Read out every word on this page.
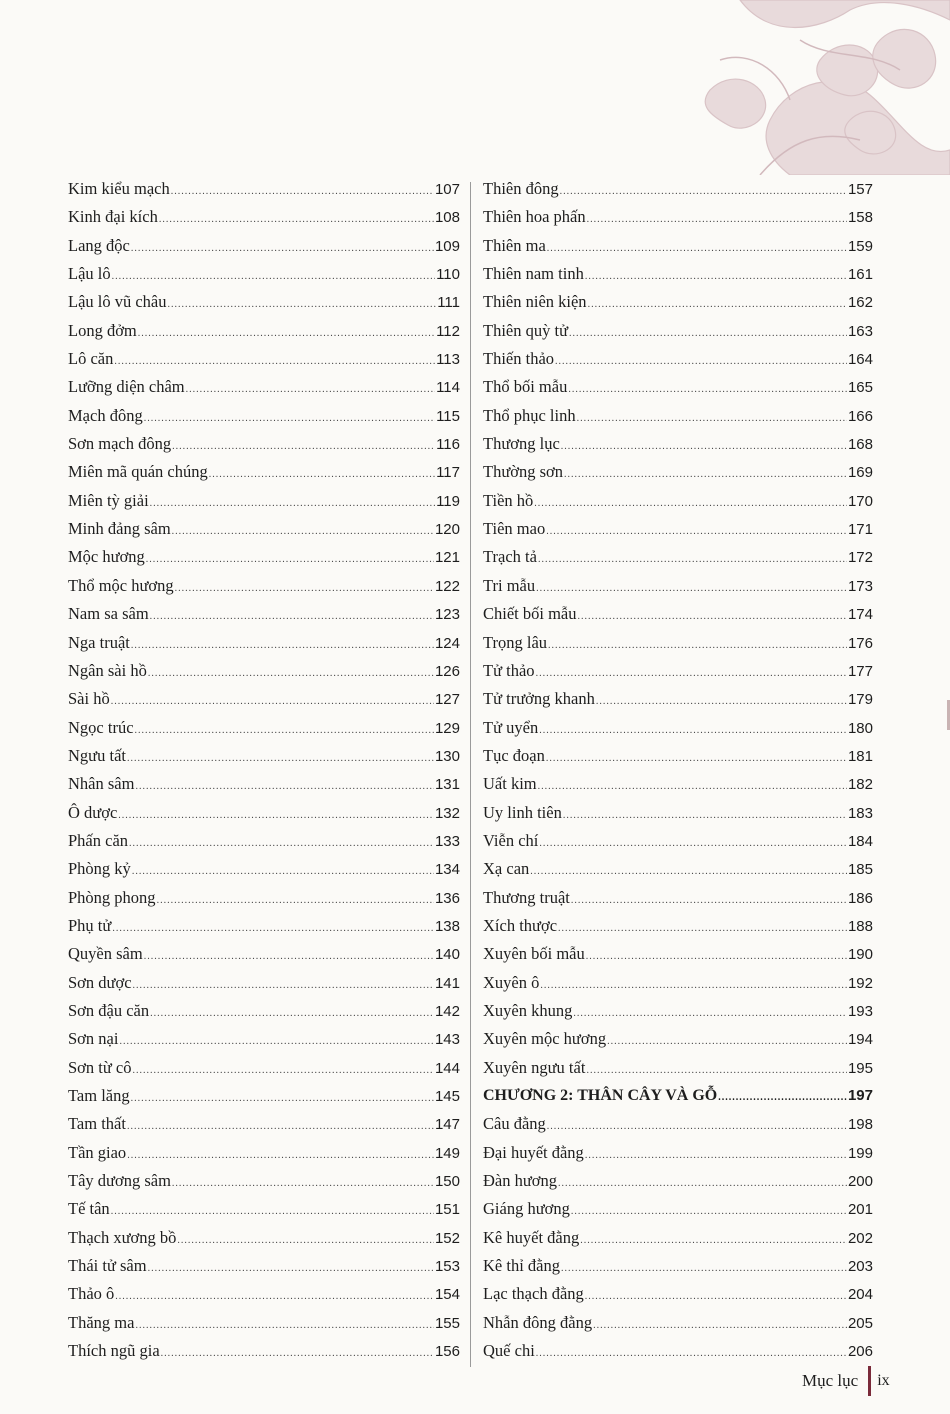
Kim kiểu mạch .....	107
Kinh đại kích .....	108
Lang độc .....	109
Lậu lô .....	110
Lậu lô vũ châu .....	111
Long đởm .....	112
Lô căn .....	113
Lưỡng diện châm .....	114
Mạch đông .....	115
Sơn mạch đông .....	116
Miên mã quán chúng .....	117
Miên tỳ giải .....	119
Minh đảng sâm .....	120
Mộc hương .....	121
Thổ mộc hương .....	122
Nam sa sâm .....	123
Nga truật .....	124
Ngân sài hồ .....	126
Sài hồ .....	127
Ngọc trúc .....	129
Ngưu tất .....	130
Nhân sâm .....	131
Ô dược .....	132
Phấn căn .....	133
Phòng kỷ .....	134
Phòng phong .....	136
Phụ tử .....	138
Quyền sâm .....	140
Sơn dược .....	141
Sơn đậu căn .....	142
Sơn nại .....	143
Sơn từ cô .....	144
Tam lăng .....	145
Tam thất .....	147
Tần giao .....	149
Tây dương sâm .....	150
Tế tân .....	151
Thạch xương bồ .....	152
Thái tử sâm .....	153
Thảo ô .....	154
Thăng ma .....	155
Thích ngũ gia .....	156
Thiên đông .....	157
Thiên hoa phấn .....	158
Thiên ma .....	159
Thiên nam tinh .....	161
Thiên niên kiện .....	162
Thiên quỳ tử .....	163
Thiến thảo .....	164
Thổ bối mẫu .....	165
Thổ phục linh .....	166
Thương lục .....	168
Thường sơn .....	169
Tiền hồ .....	170
Tiên mao .....	171
Trạch tả .....	172
Tri mẫu .....	173
Chiết bối mẫu .....	174
Trọng lâu .....	176
Tử thảo .....	177
Tử trưởng khanh .....	179
Tử uyển .....	180
Tục đoạn .....	181
Uất kim .....	182
Uy linh tiên .....	183
Viễn chí .....	184
Xạ can .....	185
Thương truật .....	186
Xích thược .....	188
Xuyên bối mẫu .....	190
Xuyên ô .....	192
Xuyên khung .....	193
Xuyên mộc hương .....	194
Xuyên ngưu tất .....	195
CHƯƠNG 2: THÂN CÂY VÀ GỖ .....	197
Câu đằng .....	198
Đại huyết đằng .....	199
Đàn hương .....	200
Giáng hương .....	201
Kê huyết đằng .....	202
Kê thỉ đằng .....	203
Lạc thạch đằng .....	204
Nhẫn đông đằng .....	205
Quế chi .....	206
Mục lục ix
